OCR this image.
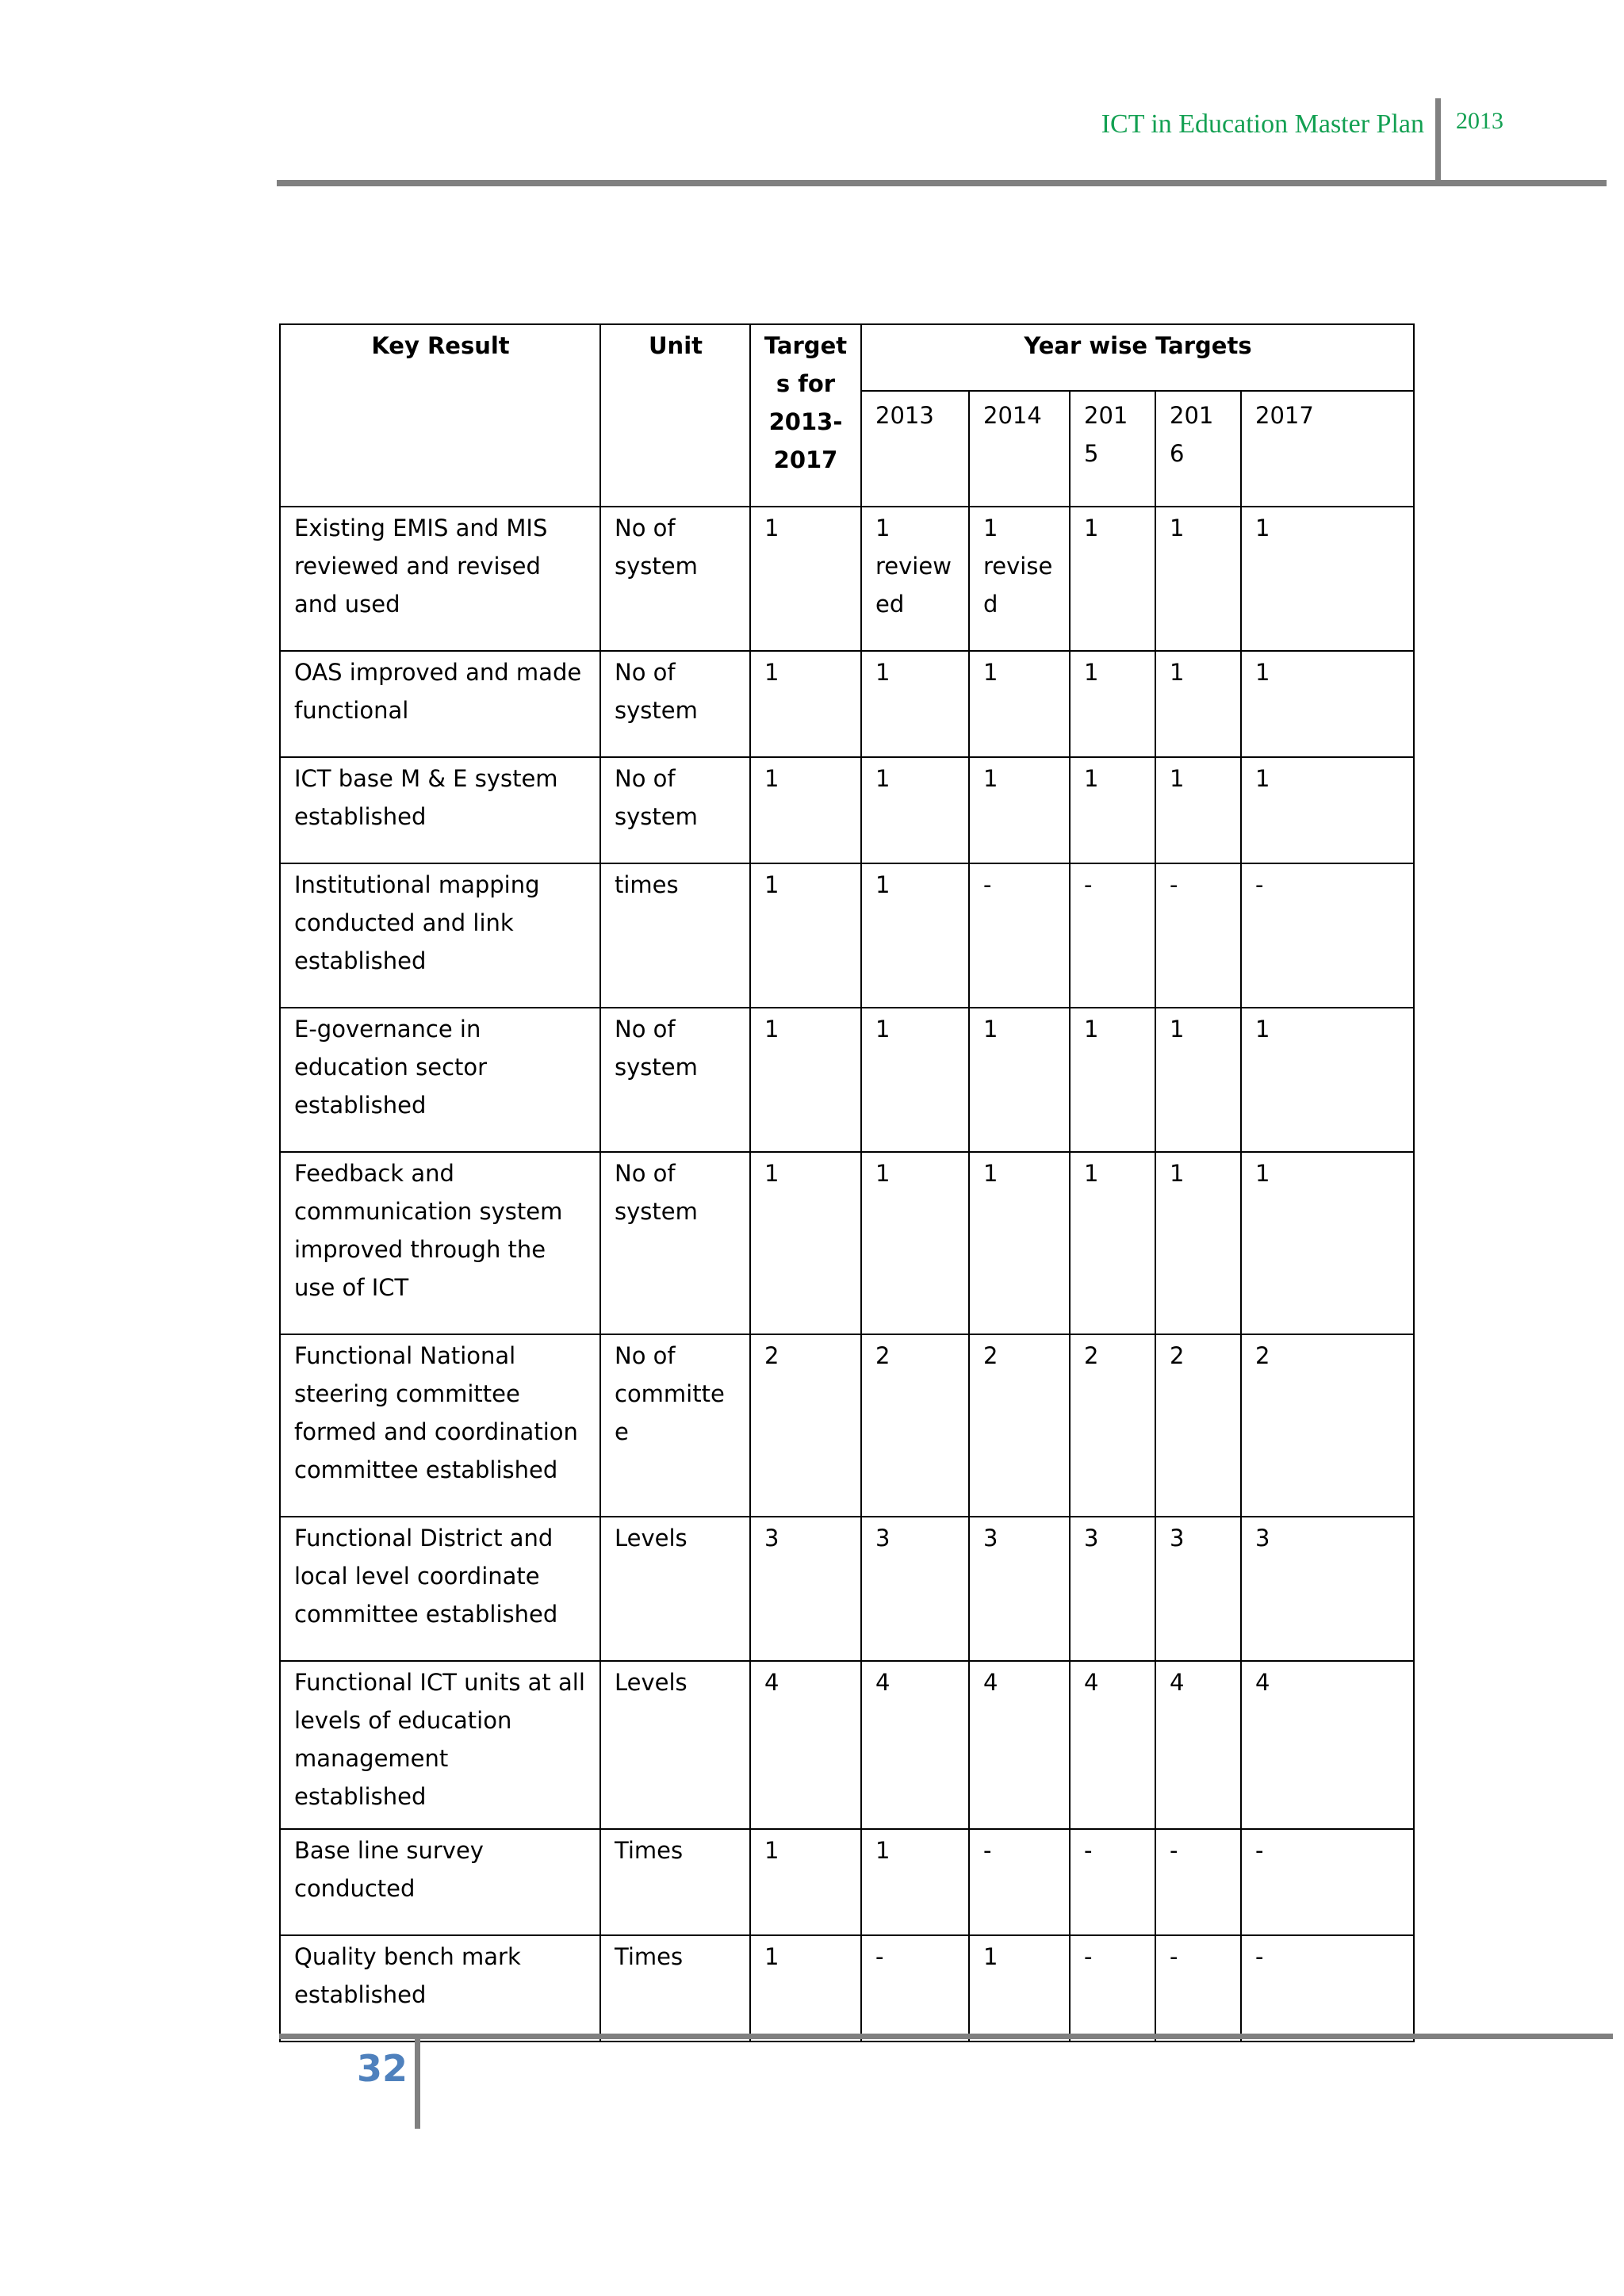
ICT in Education Master Plan 2013
Key Result	Unit	Targets for 2013-2017	Year wise Targets				
			2013	2014	2015	2016	2017
Existing EMIS and MIS reviewed and revised and used	No of system	1	1 reviewed	1 revised	1	1	1
OAS improved and made functional	No of system	1	1	1	1	1	1
ICT base M & E system established	No of system	1	1	1	1	1	1
Institutional mapping conducted and link established	times	1	1	-	-	-	-
E-governance in education sector established	No of system	1	1	1	1	1	1
Feedback and communication system improved through the use of ICT	No of system	1	1	1	1	1	1
Functional National steering committee formed and coordination committee established	No of committee	2	2	2	2	2	2
Functional District and local level coordinate committee established	Levels	3	3	3	3	3	3
Functional ICT units at all levels of education management established	Levels	4	4	4	4	4	4
Base line survey conducted	Times	1	1	-	-	-	-
Quality bench mark established	Times	1	-	1	-	-	-
32
